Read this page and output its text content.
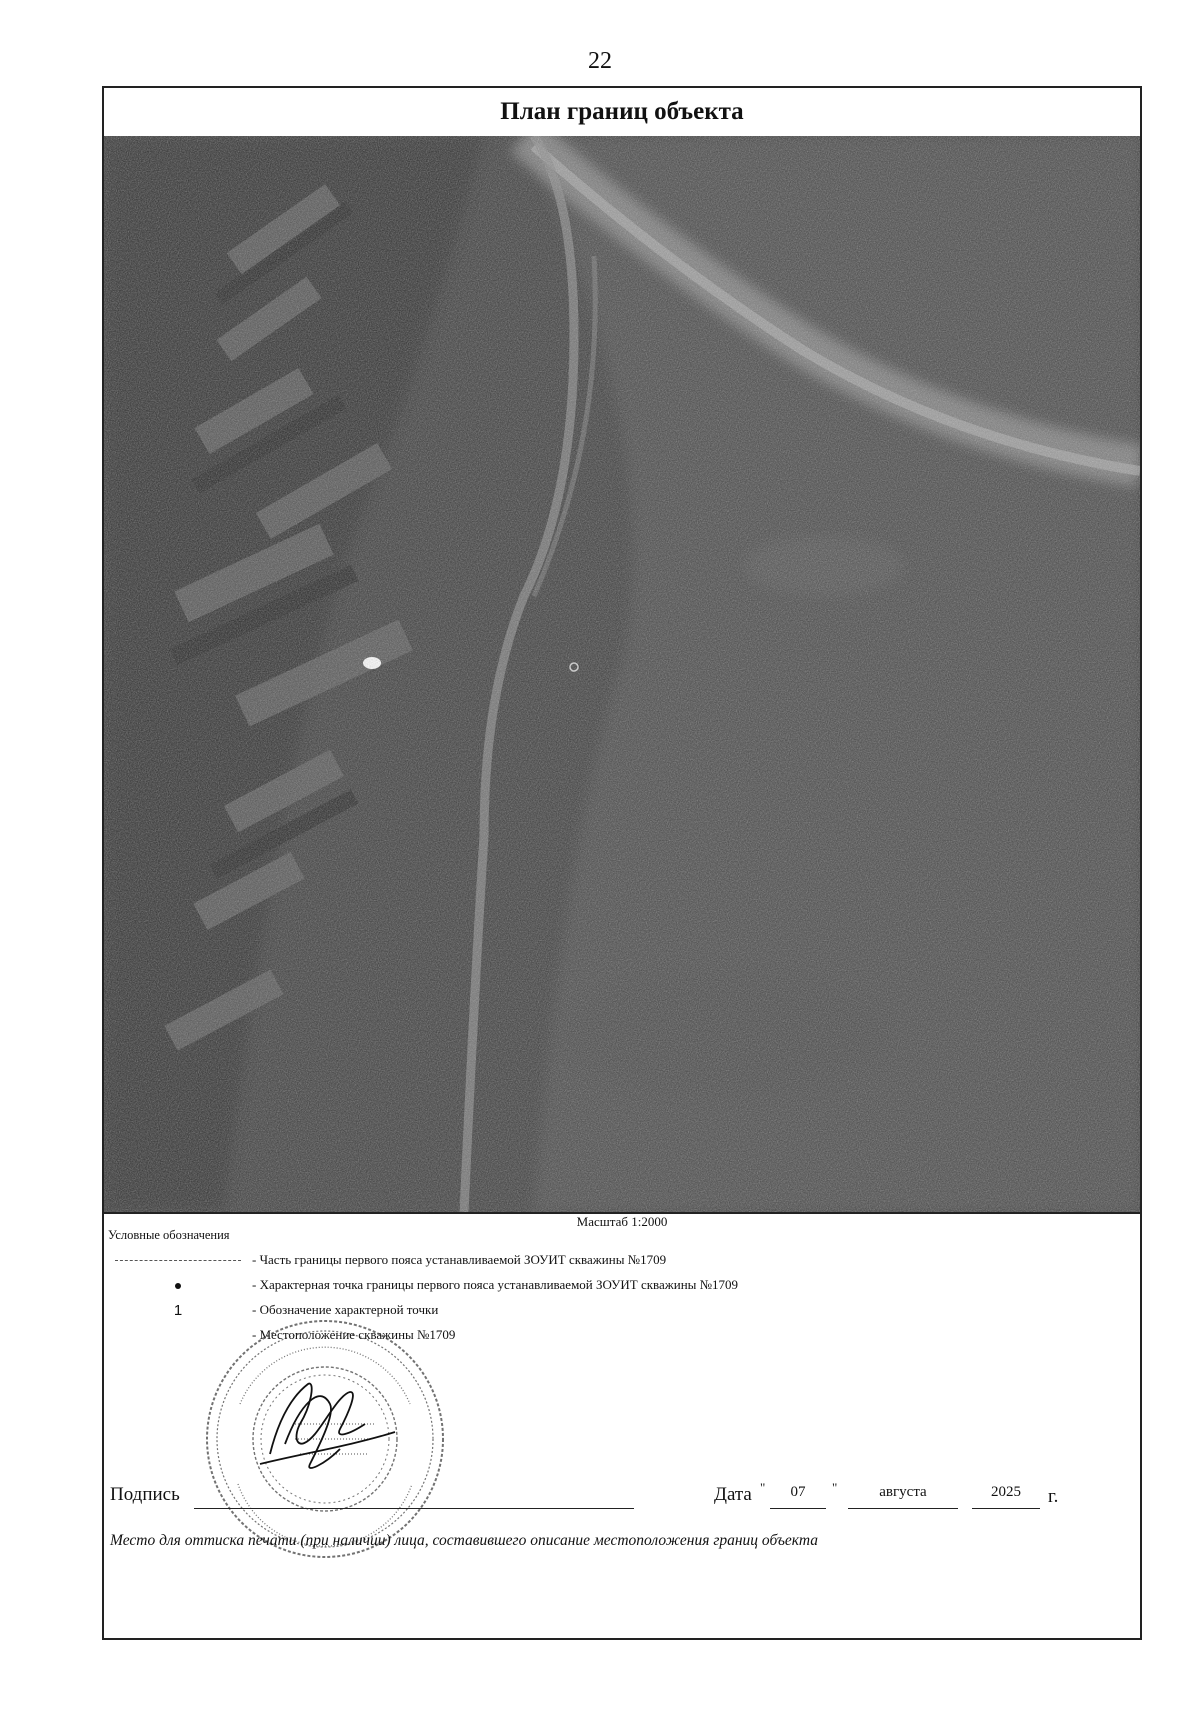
22
План границ объекта
Масштаб 1:2000
Условные обозначения
- Часть границы первого пояса устанавливаемой ЗОУИТ скважины №1709
- Характерная точка границы первого пояса устанавливаемой ЗОУИТ скважины №1709
1	- Обозначение характерной точки
- Местоположение скважины №1709
Подпись	Дата "	07	"	августа	2025	г.
Место для оттиска печати (при наличии) лица, составившего описание местоположения границ объекта
